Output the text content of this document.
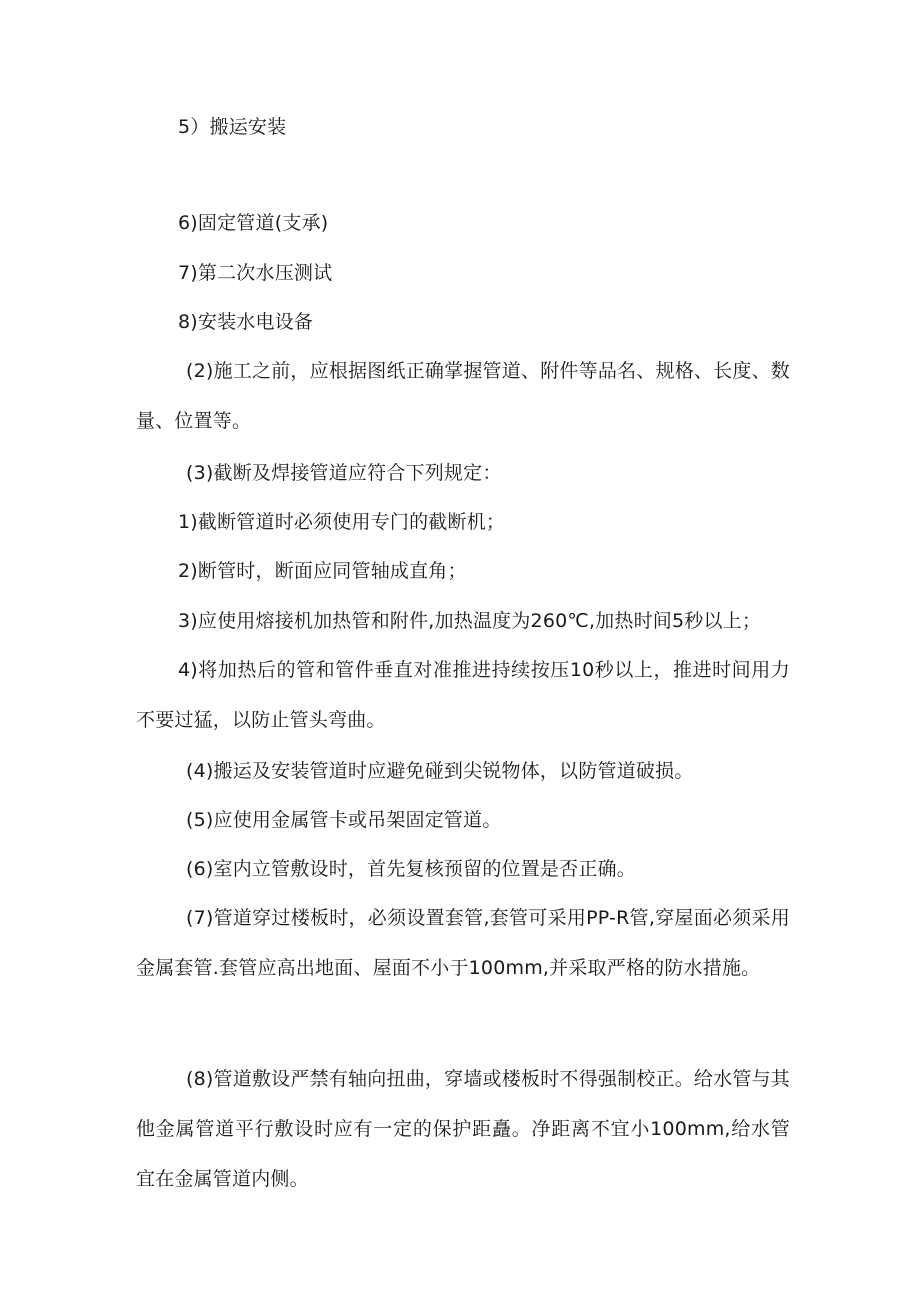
5）搬运安装
6)固定管道(支承)
7)第二次水压测试
8)安装水电设备
(2)施工之前，应根据图纸正确掌握管道、附件等品名、规格、长度、数量、位置等。
(3)截断及焊接管道应符合下列规定：
1)截断管道时必须使用专门的截断机；
2)断管时，断面应同管轴成直角；
3)应使用熔接机加热管和附件,加热温度为260℃,加热时间5秒以上；
4)将加热后的管和管件垂直对准推进持续按压10秒以上，推进时间用力不要过猛，以防止管头弯曲。
(4)搬运及安装管道时应避免碰到尖锐物体，以防管道破损。
(5)应使用金属管卡或吊架固定管道。
(6)室内立管敷设时，首先复核预留的位置是否正确。
(7)管道穿过楼板时，必须设置套管,套管可采用PP-R管,穿屋面必须采用金属套管.套管应高出地面、屋面不小于100mm,并采取严格的防水措施。
(8)管道敷设严禁有轴向扭曲，穿墙或楼板时不得强制校正。给水管与其他金属管道平行敷设时应有一定的保护距矗。净距离不宜小100mm,给水管宜在金属管道内侧。
